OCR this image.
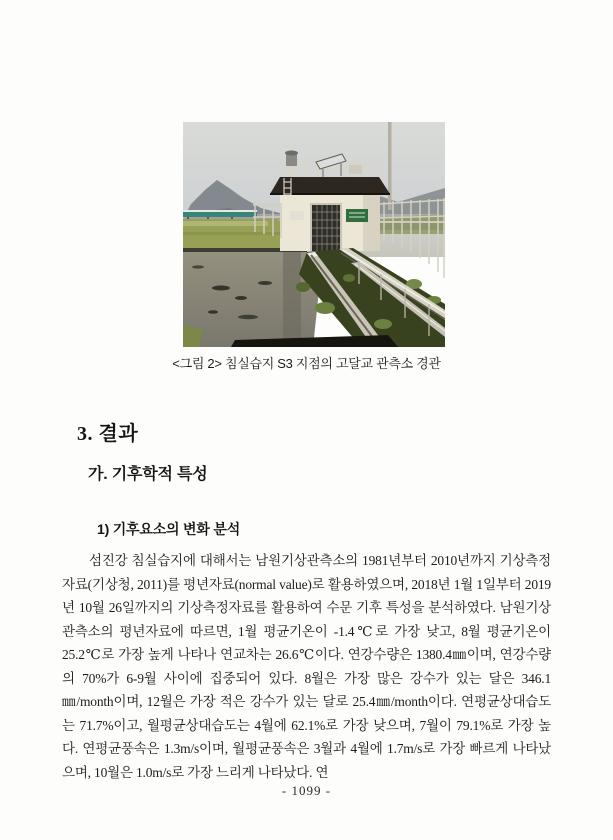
<그림 2> 침실습지 S3 지점의 고달교 관측소 경관
3. 결과
가. 기후학적 특성
1) 기후요소의 변화 분석

섬진강 침실습지에 대해서는 남원기상관측소의 1981년부터 2010년까지 기상측정자료(기상청, 2011)를 평년자료(normal value)로 활용하였으며, 2018년 1월 1일부터 2019년 10월 26일까지의 기상측정자료를 활용하여 수문 기후 특성을 분석하였다. 남원기상관측소의 평년자료에 따르면, 1월 평균기온이 -1.4℃로 가장 낮고, 8월 평균기온이 25.2℃로 가장 높게 나타나 연교차는 26.6℃이다. 연강수량은 1380.4㎜이며, 연강수량의 70%가 6-9월 사이에 집중되어 있다. 8월은 가장 많은 강수가 있는 달은 346.1㎜/month이며, 12월은 가장 적은 강수가 있는 달로 25.4㎜/month이다. 연평균상대습도는 71.7%이고, 월평균상대습도는 4월에 62.1%로 가장 낮으며, 7월이 79.1%로 가장 높다. 연평균풍속은 1.3m/s이며, 월평균풍속은 3월과 4월에 1.7m/s로 가장 빠르게 나타났으며, 10월은 1.0m/s로 가장 느리게 나타났다. 연

- 1099 -
